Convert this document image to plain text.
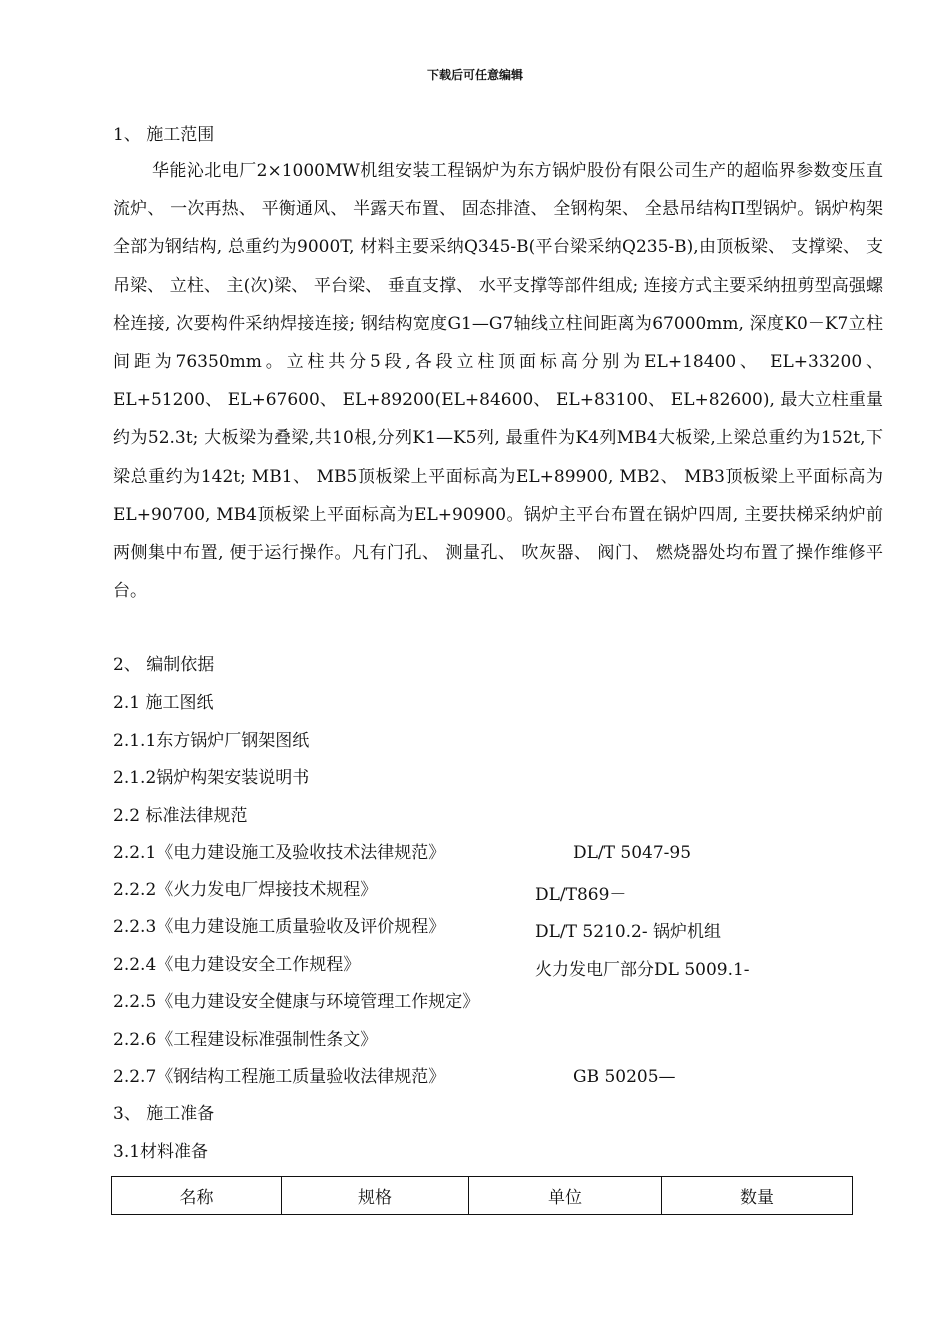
下载后可任意编辑
1、 施工范围
华能沁北电厂2×1000MW机组安装工程锅炉为东方锅炉股份有限公司生产的超临界参数变压直流炉、 一次再热、 平衡通风、 半露天布置、 固态排渣、 全钢构架、 全悬吊结构Π型锅炉。锅炉构架全部为钢结构, 总重约为9000T, 材料主要采纳Q345-B(平台梁采纳Q235-B),由顶板梁、 支撑梁、 支吊梁、 立柱、 主(次)梁、 平台梁、 垂直支撑、 水平支撑等部件组成; 连接方式主要采纳扭剪型高强螺栓连接, 次要构件采纳焊接连接; 钢结构宽度G1—G7轴线立柱间距离为67000mm, 深度K0－K7立柱间距为76350mm。立柱共分5段,各段立柱顶面标高分别为EL+18400、 EL+33200、 EL+51200、 EL+67600、 EL+89200(EL+84600、 EL+83100、 EL+82600), 最大立柱重量约为52.3t; 大板梁为叠梁,共10根,分列K1—K5列, 最重件为K4列MB4大板梁,上梁总重约为152t,下梁总重约为142t; MB1、 MB5顶板梁上平面标高为EL+89900, MB2、 MB3顶板梁上平面标高为EL+90700, MB4顶板梁上平面标高为EL+90900。锅炉主平台布置在锅炉四周, 主要扶梯采纳炉前两侧集中布置, 便于运行操作。凡有门孔、 测量孔、 吹灰器、 阀门、 燃烧器处均布置了操作维修平台。
2、 编制依据
2.1 施工图纸
2.1.1东方锅炉厂钢架图纸
2.1.2锅炉构架安装说明书
2.2 标准法律规范
2.2.1《电力建设施工及验收技术法律规范》	DL/T 5047-95
2.2.2《火力发电厂焊接技术规程》	DL/T869－
2.2.3《电力建设施工质量验收及评价规程》	DL/T 5210.2- 锅炉机组
2.2.4《电力建设安全工作规程》	火力发电厂部分DL 5009.1-
2.2.5《电力建设安全健康与环境管理工作规定》
2.2.6《工程建设标准强制性条文》
2.2.7《钢结构工程施工质量验收法律规范》	GB 50205—
3、 施工准备
3.1材料准备
名称	规格	单位	数量
